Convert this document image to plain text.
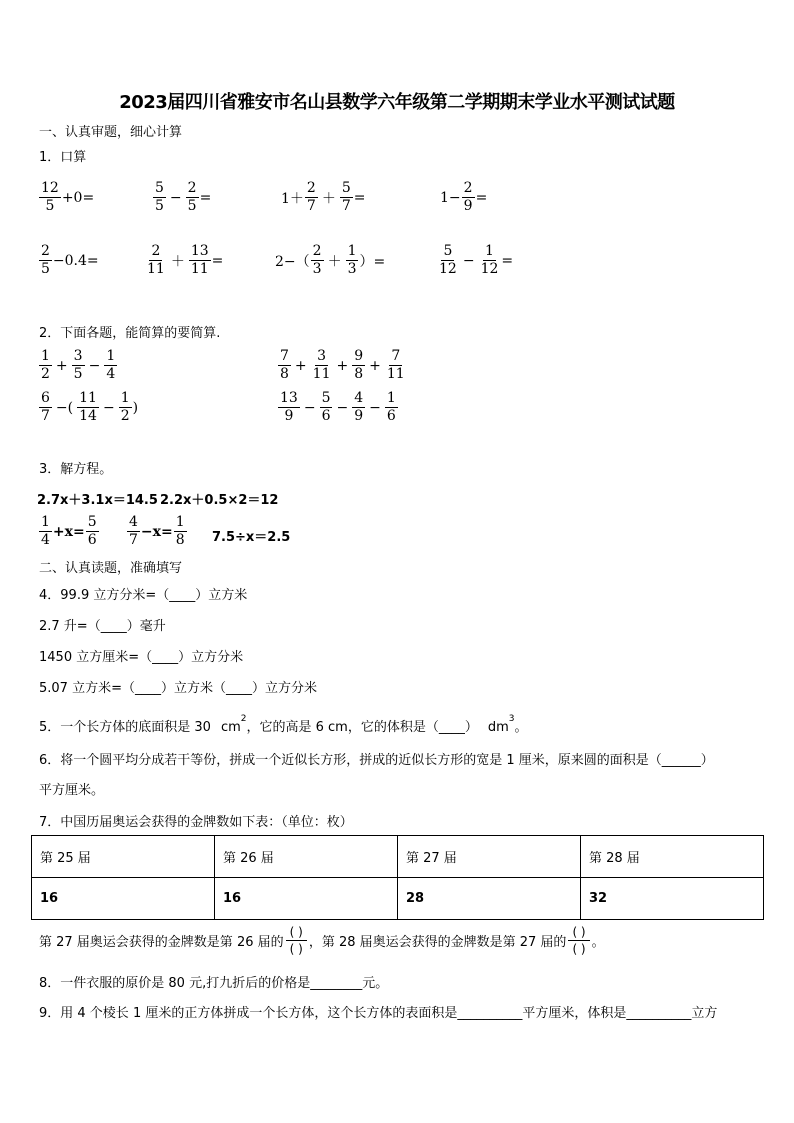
2023届四川省雅安市名山县数学六年级第二学期期末学业水平测试试题
一、认真审题，细心计算
1．口算
$\frac{12}{5} +0=$	$\frac{5}{5} - \frac{2}{5}$ =	$1+ \frac{2}{7} + \frac{5}{7}$ =	$1- \frac{2}{9}$ =
$\frac{2}{5} -0.4=$	$\frac{2}{11} + \frac{13}{11}$ =	$2-( \frac{2}{3} + \frac{1}{3}$ ）=	$\frac{5}{12} - \frac{1}{12}$ =
2．下面各题，能简算的要简算.
$\frac{1}{2} + \frac{3}{5} - \frac{1}{4}$	$\frac{7}{8} + \frac{3}{11} + \frac{9}{8} + \frac{7}{11}$
$\frac{6}{7}$ −( $\frac{11}{14} - \frac{1}{2}$ )	$\frac{13}{9} - \frac{5}{6} - \frac{4}{9} - \frac{1}{6}$
3．解方程。
2.7x＋3.1x＝14.5 2.2x＋0.5×2＝12
$\frac{1}{4} +x= \frac{5}{6} \frac{4}{7} -x= \frac{1}{8} 7.5\div x=2.5$
二、认真读题，准确填写
4．99.9 立方分米=（____）立方米
2.7 升=（____）毫升
1450 立方厘米=（____）立方分米
5.07 立方米=（____）立方米（____）立方分米
5．一个长方体的底面积是 30 $cm^2$，它的高是 6 cm，它的体积是（____） $dm^3$。
6．将一个圆平均分成若干等份，拼成一个近似长方形，拼成的近似长方形的宽是 1 厘米，原来圆的面积是（______）
平方厘米。
7．中国历届奥运会获得的金牌数如下表：（单位：枚）
第 25 届	第 26 届	第 27 届	第 28 届
16	16	28	32
第 27 届奥运会获得的金牌数是第 26 届的 $\frac{( )}{( )}$ ，第 28 届奥运会获得的金牌数是第 27 届的 $\frac{( )}{( )}$ 。
8．一件衣服的原价是 80 元,打九折后的价格是________元。
9．用 4 个棱长 1 厘米的正方体拼成一个长方体，这个长方体的表面积是__________平方厘米，体积是__________立方
